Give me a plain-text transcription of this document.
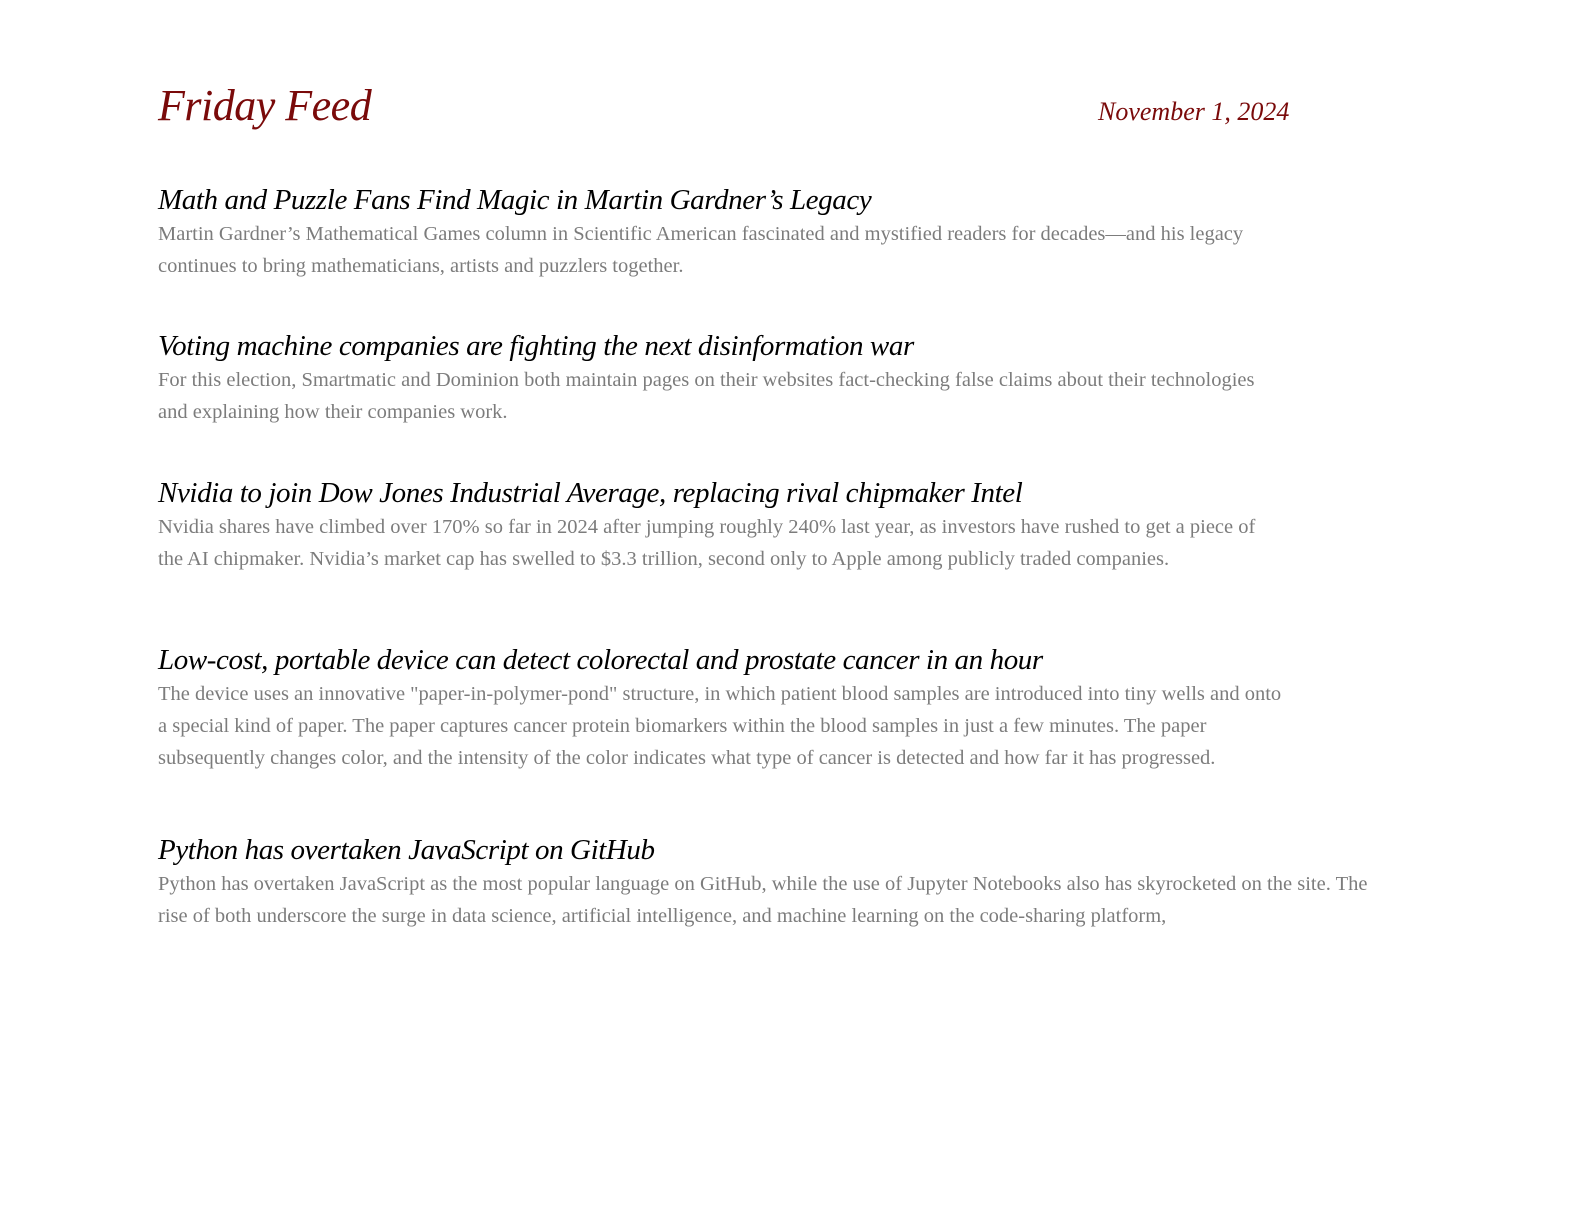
Friday Feed	November 1, 2024
Math and Puzzle Fans Find Magic in Martin Gardner’s Legacy

Martin Gardner’s Mathematical Games column in Scientific American fascinated and mystified readers for decades—and his legacy continues to bring mathematicians, artists and puzzlers together.

Voting machine companies are fighting the next disinformation war

For this election, Smartmatic and Dominion both maintain pages on their websites fact-checking false claims about their technologies and explaining how their companies work.

Nvidia to join Dow Jones Industrial Average, replacing rival chipmaker Intel

Nvidia shares have climbed over 170% so far in 2024 after jumping roughly 240% last year, as investors have rushed to get a piece of the AI chipmaker. Nvidia’s market cap has swelled to $3.3 trillion, second only to Apple among publicly traded companies.

Low-cost, portable device can detect colorectal and prostate cancer in an hour

The device uses an innovative "paper-in-polymer-pond" structure, in which patient blood samples are introduced into tiny wells and onto a special kind of paper. The paper captures cancer protein biomarkers within the blood samples in just a few minutes. The paper subsequently changes color, and the intensity of the color indicates what type of cancer is detected and how far it has progressed.

Python has overtaken JavaScript on GitHub

Python has overtaken JavaScript as the most popular language on GitHub, while the use of Jupyter Notebooks also has skyrocketed on the site. The rise of both underscore the surge in data science, artificial intelligence, and machine learning on the code-sharing platform,
